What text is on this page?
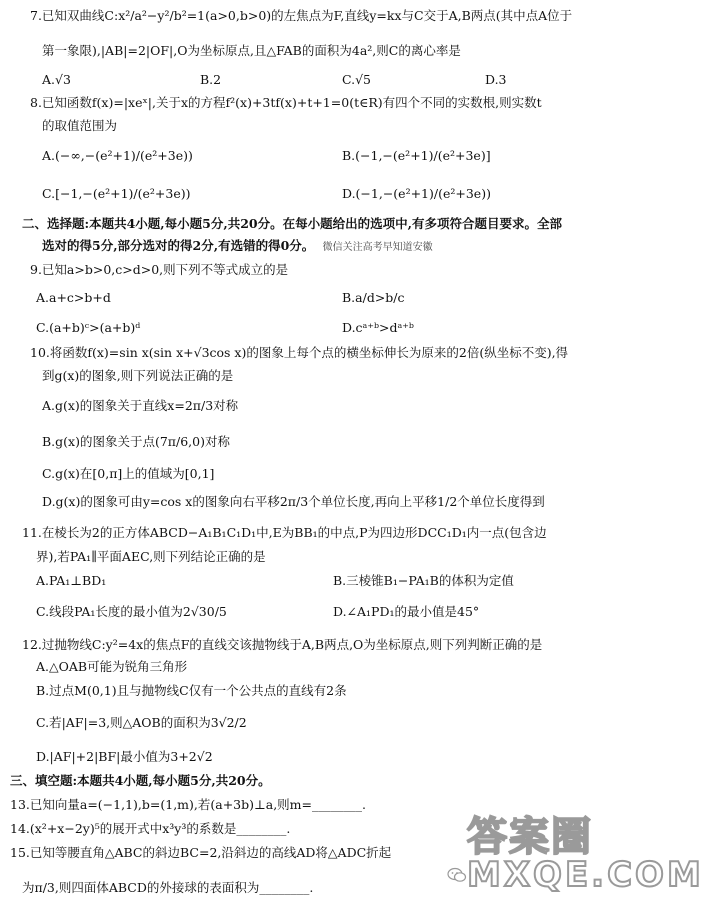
7.已知双曲线C:x²/a²−y²/b²=1(a>0,b>0)的左焦点为F,直线y=kx与C交于A,B两点(其中点A位于
第一象限),|AB|=2|OF|,O为坐标原点,且△FAB的面积为4a²,则C的离心率是
A.√3	B.2	C.√5	D.3
8.已知函数f(x)=|xeˣ|,关于x的方程f²(x)+3tf(x)+t+1=0(t∈R)有四个不同的实数根,则实数t
的取值范围为
A.(−∞,−(e²+1)/(e²+3e))	B.(−1,−(e²+1)/(e²+3e)]
C.[−1,−(e²+1)/(e²+3e))	D.(−1,−(e²+1)/(e²+3e))
二、选择题:本题共4小题,每小题5分,共20分。在每小题给出的选项中,有多项符合题目要求。全部
选对的得5分,部分选对的得2分,有选错的得0分。 微信关注高考早知道安徽
9.已知a>b>0,c>d>0,则下列不等式成立的是
A.a+c>b+d	B.a/d>b/c
C.(a+b)ᶜ>(a+b)ᵈ	D.cᵃ⁺ᵇ>dᵃ⁺ᵇ
10.将函数f(x)=sin x(sin x+√3cos x)的图象上每个点的横坐标伸长为原来的2倍(纵坐标不变),得
到g(x)的图象,则下列说法正确的是
A.g(x)的图象关于直线x=2π/3对称
B.g(x)的图象关于点(7π/6,0)对称
C.g(x)在[0,π]上的值域为[0,1]
D.g(x)的图象可由y=cos x的图象向右平移2π/3个单位长度,再向上平移1/2个单位长度得到
11.在棱长为2的正方体ABCD−A₁B₁C₁D₁中,E为BB₁的中点,P为四边形DCC₁D₁内一点(包含边
界),若PA₁∥平面AEC,则下列结论正确的是
A.PA₁⊥BD₁	B.三棱锥B₁−PA₁B的体积为定值
C.线段PA₁长度的最小值为2√30/5	D.∠A₁PD₁的最小值是45°
12.过抛物线C:y²=4x的焦点F的直线交该抛物线于A,B两点,O为坐标原点,则下列判断正确的是
A.△OAB可能为锐角三角形
B.过点M(0,1)且与抛物线C仅有一个公共点的直线有2条
C.若|AF|=3,则△AOB的面积为3√2/2
D.|AF|+2|BF|最小值为3+2√2
三、填空题:本题共4小题,每小题5分,共20分。
13.已知向量a=(−1,1),b=(1,m),若(a+3b)⊥a,则m=________.
14.(x²+x−2y)⁵的展开式中x³y³的系数是________.
15.已知等腰直角△ABC的斜边BC=2,沿斜边的高线AD将△ADC折起
为π/3,则四面体ABCD的外接球的表面积为________.
答案圈
MXQE.COM
